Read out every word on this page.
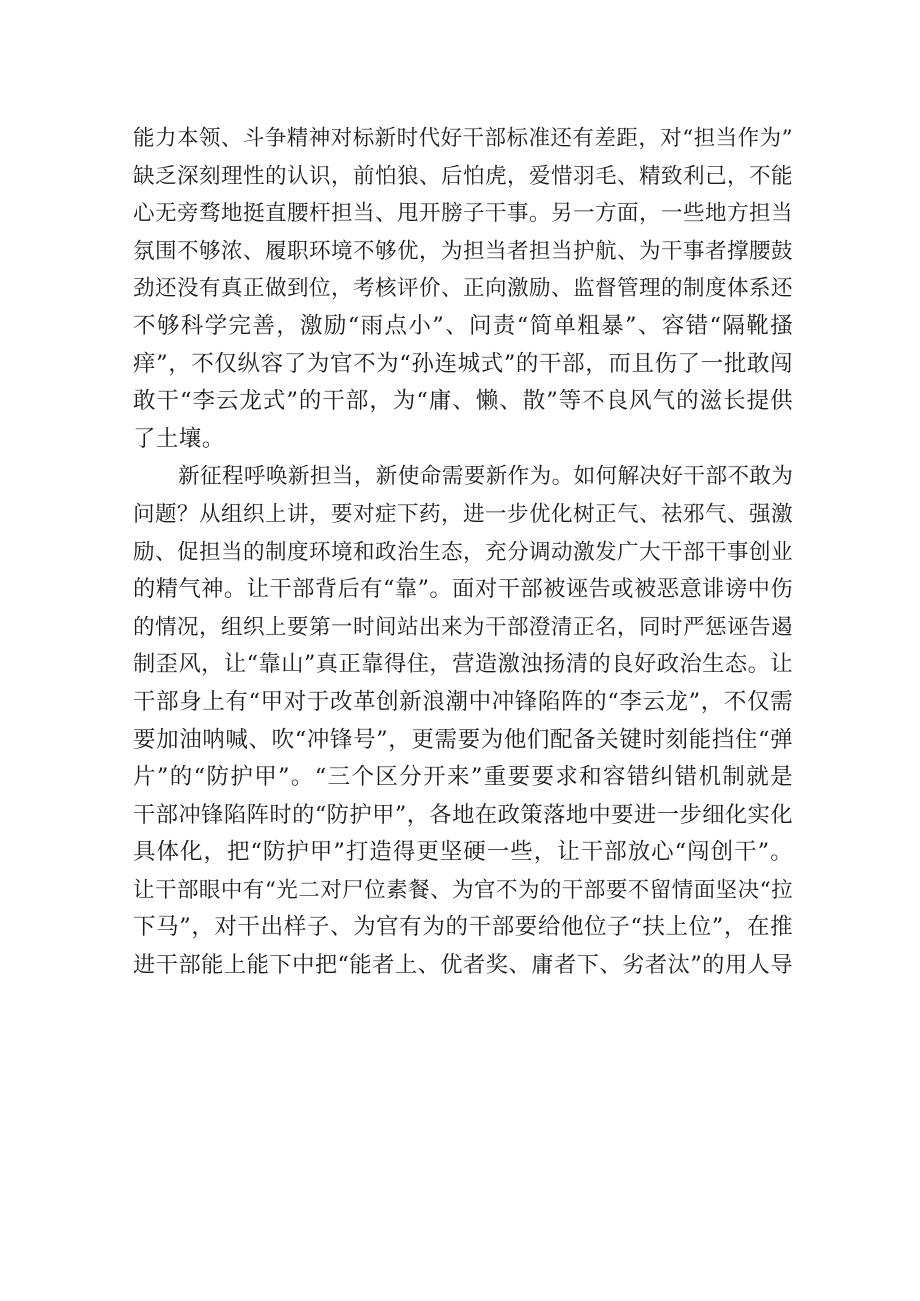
能力本领、斗争精神对标新时代好干部标准还有差距，对“担当作为”
缺乏深刻理性的认识，前怕狼、后怕虎，爱惜羽毛、精致利己，不能
心无旁骛地挺直腰杆担当、甩开膀子干事。另一方面，一些地方担当
氛围不够浓、履职环境不够优，为担当者担当护航、为干事者撑腰鼓
劲还没有真正做到位，考核评价、正向激励、监督管理的制度体系还
不够科学完善，激励“雨点小”、问责“简单粗暴”、容错“隔靴搔
痒”，不仅纵容了为官不为“孙连城式”的干部，而且伤了一批敢闯
敢干“李云龙式”的干部，为“庸、懒、散”等不良风气的滋长提供
了土壤。
新征程呼唤新担当，新使命需要新作为。如何解决好干部不敢为
问题？从组织上讲，要对症下药，进一步优化树正气、祛邪气、强激
励、促担当的制度环境和政治生态，充分调动激发广大干部干事创业
的精气神。让干部背后有“靠”。面对干部被诬告或被恶意诽谤中伤
的情况，组织上要第一时间站出来为干部澄清正名，同时严惩诬告遏
制歪风，让“靠山”真正靠得住，营造激浊扬清的良好政治生态。让
干部身上有“甲对于改革创新浪潮中冲锋陷阵的“李云龙”，不仅需
要加油呐喊、吹“冲锋号”，更需要为他们配备关键时刻能挡住“弹
片”的“防护甲”。“三个区分开来”重要要求和容错纠错机制就是
干部冲锋陷阵时的“防护甲”，各地在政策落地中要进一步细化实化
具体化，把“防护甲”打造得更坚硬一些，让干部放心“闯创干”。
让干部眼中有“光二对尸位素餐、为官不为的干部要不留情面坚决“拉
下马”，对干出样子、为官有为的干部要给他位子“扶上位”，在推
进干部能上能下中把“能者上、优者奖、庸者下、劣者汰”的用人导
